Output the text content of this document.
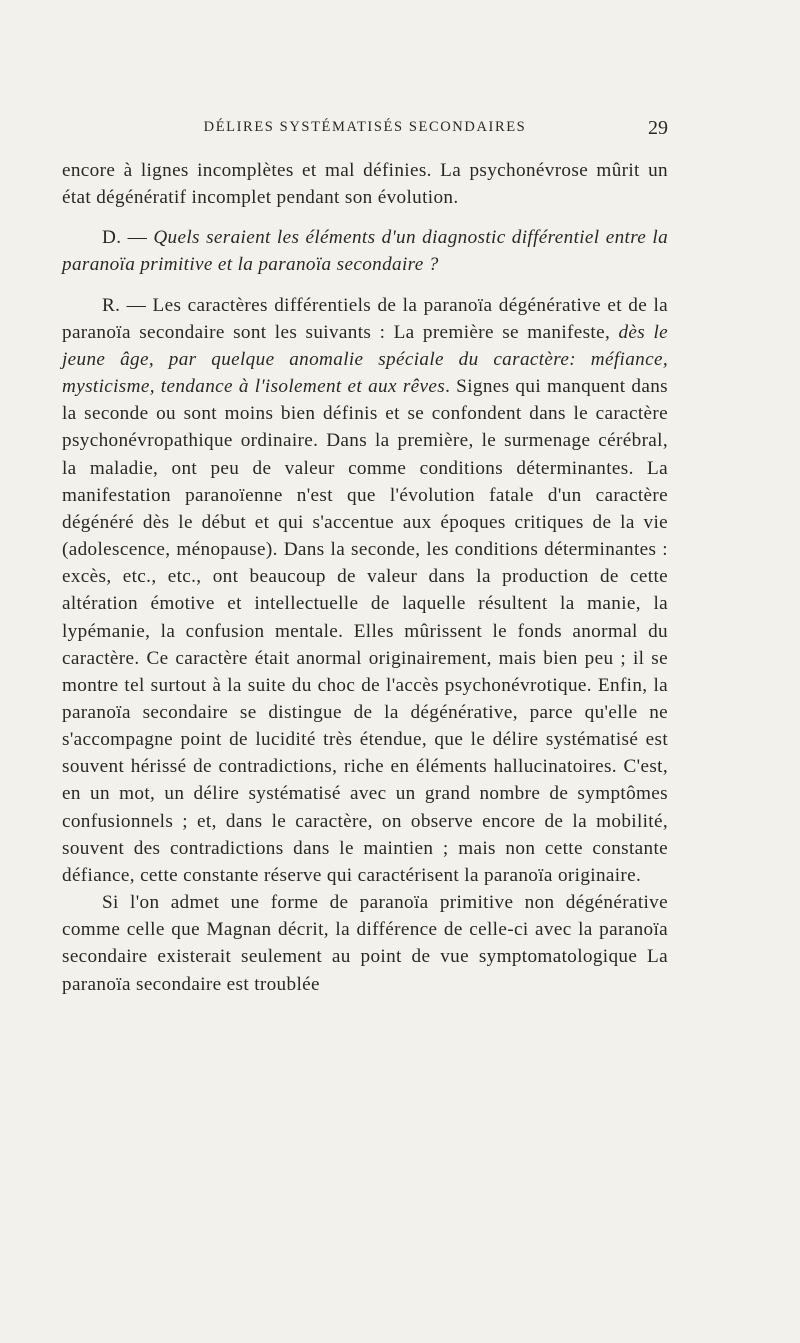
DÉLIRES SYSTÉMATISÉS SECONDAIRES	29

encore à lignes incomplètes et mal définies. La psychonévrose mûrit un état dégénératif incomplet pendant son évolution.

D. — Quels seraient les éléments d'un diagnostic différentiel entre la paranoïa primitive et la paranoïa secondaire ?

R. — Les caractères différentiels de la paranoïa dégénérative et de la paranoïa secondaire sont les suivants : La première se manifeste, dès le jeune âge, par quelque anomalie spéciale du caractère: méfiance, mysticisme, tendance à l'isolement et aux rêves. Signes qui manquent dans la seconde ou sont moins bien définis et se confondent dans le caractère psychonévropathique ordinaire. Dans la première, le surmenage cérébral, la maladie, ont peu de valeur comme conditions déterminantes. La manifestation paranoïenne n'est que l'évolution fatale d'un caractère dégénéré dès le début et qui s'accentue aux époques critiques de la vie (adolescence, ménopause). Dans la seconde, les conditions déterminantes : excès, etc., etc., ont beaucoup de valeur dans la production de cette altération émotive et intellectuelle de laquelle résultent la manie, la lypémanie, la confusion mentale. Elles mûrissent le fonds anormal du caractère. Ce caractère était anormal originairement, mais bien peu ; il se montre tel surtout à la suite du choc de l'accès psychonévrotique. Enfin, la paranoïa secondaire se distingue de la dégénérative, parce qu'elle ne s'accompagne point de lucidité très étendue, que le délire systématisé est souvent hérissé de contradictions, riche en éléments hallucinatoires. C'est, en un mot, un délire systématisé avec un grand nombre de symptômes confusionnels ; et, dans le caractère, on observe encore de la mobilité, souvent des contradictions dans le maintien ; mais non cette constante défiance, cette constante réserve qui caractérisent la paranoïa originaire.

Si l'on admet une forme de paranoïa primitive non dégénérative comme celle que Magnan décrit, la différence de celle-ci avec la paranoïa secondaire existerait seulement au point de vue symptomatologique La paranoïa secondaire est troublée
